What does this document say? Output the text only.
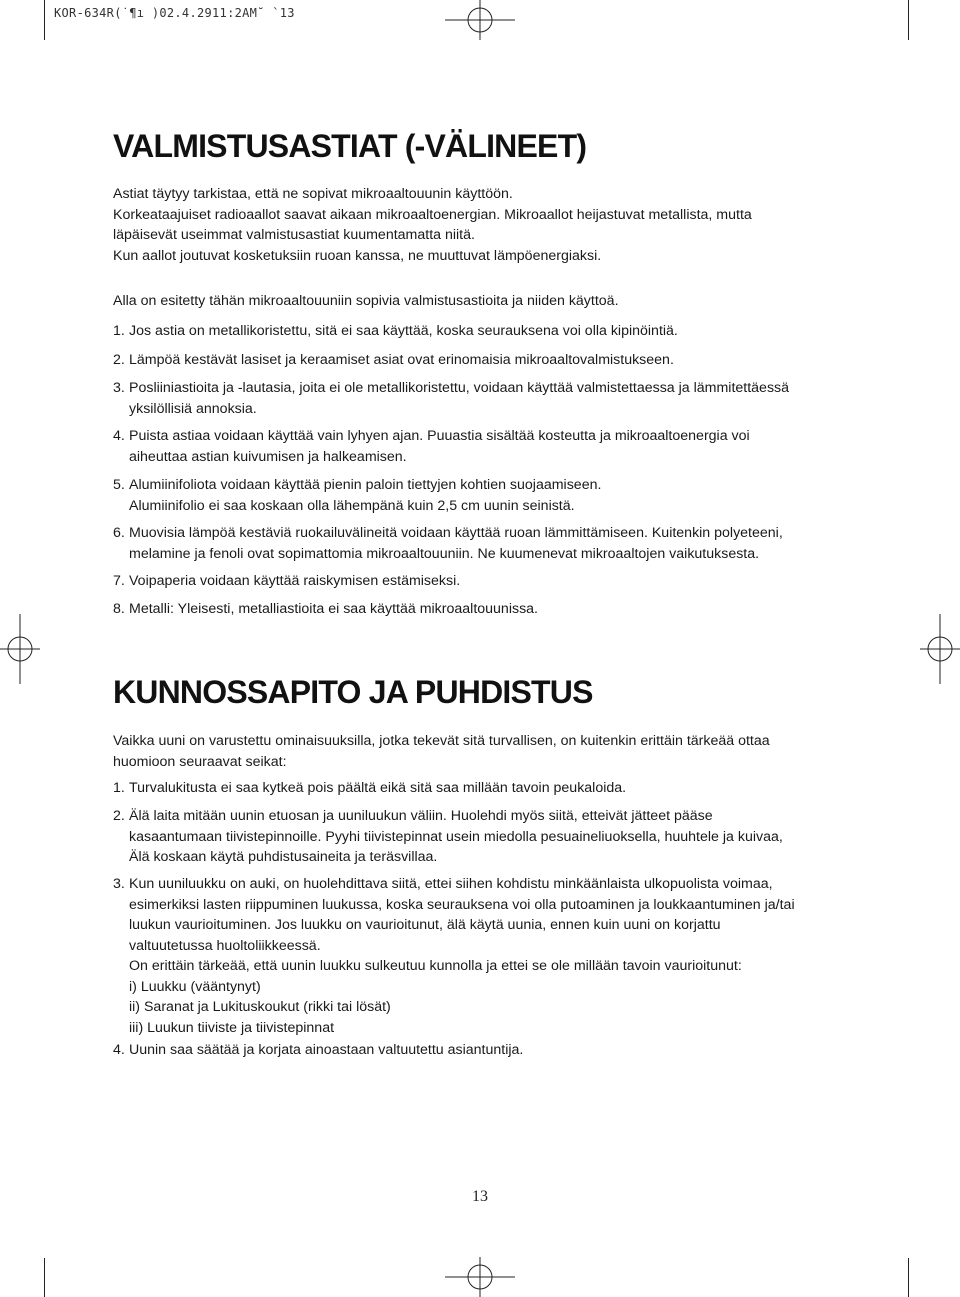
KOR-634R(˙¶ı )02.4.2911:2AM˘ `13
VALMISTUSASTIAT (-VÄLINEET)
Astiat täytyy tarkistaa, että ne sopivat mikroaaltouunin käyttöön.
Korkeataajuiset radioaallot saavat aikaan mikroaaltoenergian. Mikroaallot heijastuvat metallista, mutta
läpäisevät useimmat valmistusastiat kuumentamatta niitä.
Kun aallot joutuvat kosketuksiin ruoan kanssa, ne muuttuvat lämpöenergiaksi.
Alla on esitetty tähän mikroaaltouuniin sopivia valmistusastioita ja niiden käyttoä.
1. Jos astia on metallikoristettu, sitä ei saa käyttää, koska seurauksena voi olla kipinöintiä.
2. Lämpöä kestävät lasiset ja keraamiset asiat ovat erinomaisia mikroaaltovalmistukseen.
3. Posliiniastioita ja -lautasia, joita ei ole metallikoristettu, voidaan käyttää valmistettaessa ja lämmitettäessä
yksilöllisiä annoksia.
4. Puista astiaa voidaan käyttää vain lyhyen ajan. Puuastia sisältää kosteutta ja mikroaaltoenergia voi
aiheuttaa astian kuivumisen ja halkeamisen.
5. Alumiinifoliota voidaan käyttää pienin paloin tiettyjen kohtien suojaamiseen.
Alumiinifolio ei saa koskaan olla lähempänä kuin 2,5 cm uunin seinistä.
6. Muovisia lämpöä kestäviä ruokailuvälineitä voidaan käyttää ruoan lämmittämiseen. Kuitenkin polyeteeni,
melamine ja fenoli ovat sopimattomia mikroaaltouuniin. Ne kuumenevat mikroaaltojen vaikutuksesta.
7. Voipaperia voidaan käyttää raiskymisen estämiseksi.
8. Metalli: Yleisesti, metalliastioita ei saa käyttää mikroaaltouunissa.
KUNNOSSAPITO JA PUHDISTUS
Vaikka uuni on varustettu ominaisuuksilla, jotka tekevät sitä turvallisen, on kuitenkin erittäin tärkeää ottaa
huomioon seuraavat seikat:
1. Turvalukitusta ei saa kytkeä pois päältä eikä sitä saa millään tavoin peukaloida.
2. Älä laita mitään uunin etuosan ja uuniluukun väliin. Huolehdi myös siitä, etteivät jätteet pääse
kasaantumaan tiivistepinnoille. Pyyhi tiivistepinnat usein miedolla pesuaineliuoksella, huuhtele ja kuivaa,
Älä koskaan käytä puhdistusaineita ja teräsvillaa.
3. Kun uuniluukku on auki, on huolehdittava siitä, ettei siihen kohdistu minkäänlaista ulkopuolista voimaa,
esimerkiksi lasten riippuminen luukussa, koska seurauksena voi olla putoaminen ja loukkaantuminen ja/tai
luukun vaurioituminen. Jos luukku on vaurioitunut, älä käytä uunia, ennen kuin uuni on korjattu
valtuutetussa huoltoliikkeessä.
On erittäin tärkeää, että uunin luukku sulkeutuu kunnolla ja ettei se ole millään tavoin vaurioitunut:
i) Luukku (vääntynyt)
ii) Saranat ja Lukituskoukut (rikki tai lösät)
iii) Luukun tiiviste ja tiivistepinnat
4. Uunin saa säätää ja korjata ainoastaan valtuutettu asiantuntija.
13
